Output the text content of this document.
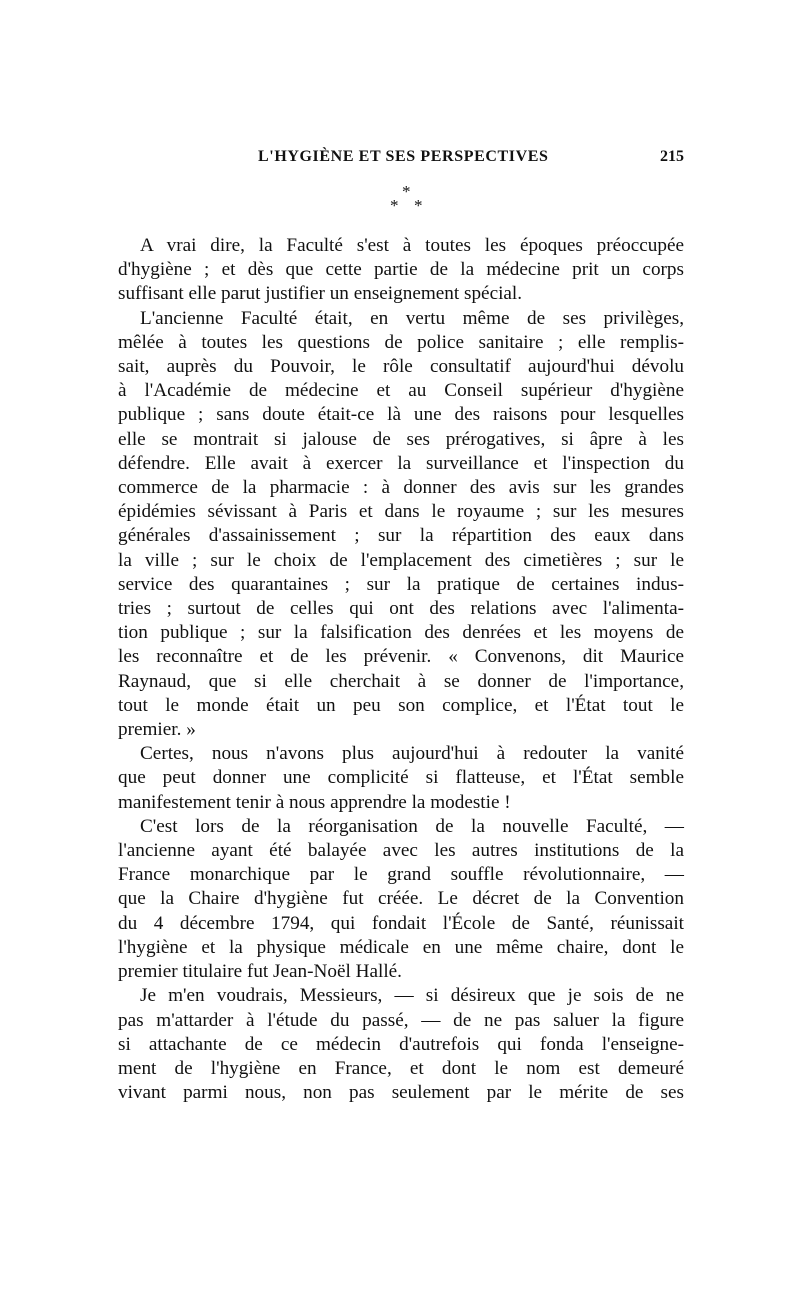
L'HYGIÈNE ET SES PERSPECTIVES	215
*
* *
A vrai dire, la Faculté s'est à toutes les époques préoccupée
d'hygiène ; et dès que cette partie de la médecine prit un corps
suffisant elle parut justifier un enseignement spécial.
L'ancienne Faculté était, en vertu même de ses privilèges,
mêlée à toutes les questions de police sanitaire ; elle remplis-
sait, auprès du Pouvoir, le rôle consultatif aujourd'hui dévolu
à l'Académie de médecine et au Conseil supérieur d'hygiène
publique ; sans doute était-ce là une des raisons pour lesquelles
elle se montrait si jalouse de ses prérogatives, si âpre à les
défendre. Elle avait à exercer la surveillance et l'inspection du
commerce de la pharmacie : à donner des avis sur les grandes
épidémies sévissant à Paris et dans le royaume ; sur les mesures
générales d'assainissement ; sur la répartition des eaux dans
la ville ; sur le choix de l'emplacement des cimetières ; sur le
service des quarantaines ; sur la pratique de certaines indus-
tries ; surtout de celles qui ont des relations avec l'alimenta-
tion publique ; sur la falsification des denrées et les moyens de
les reconnaître et de les prévenir. « Convenons, dit Maurice
Raynaud, que si elle cherchait à se donner de l'importance,
tout le monde était un peu son complice, et l'État tout le
premier. »
Certes, nous n'avons plus aujourd'hui à redouter la vanité
que peut donner une complicité si flatteuse, et l'État semble
manifestement tenir à nous apprendre la modestie !
C'est lors de la réorganisation de la nouvelle Faculté, —
l'ancienne ayant été balayée avec les autres institutions de la
France monarchique par le grand souffle révolutionnaire, —
que la Chaire d'hygiène fut créée. Le décret de la Convention
du 4 décembre 1794, qui fondait l'École de Santé, réunissait
l'hygiène et la physique médicale en une même chaire, dont le
premier titulaire fut Jean-Noël Hallé.
Je m'en voudrais, Messieurs, — si désireux que je sois de ne
pas m'attarder à l'étude du passé, — de ne pas saluer la figure
si attachante de ce médecin d'autrefois qui fonda l'enseigne-
ment de l'hygiène en France, et dont le nom est demeuré
vivant parmi nous, non pas seulement par le mérite de ses
